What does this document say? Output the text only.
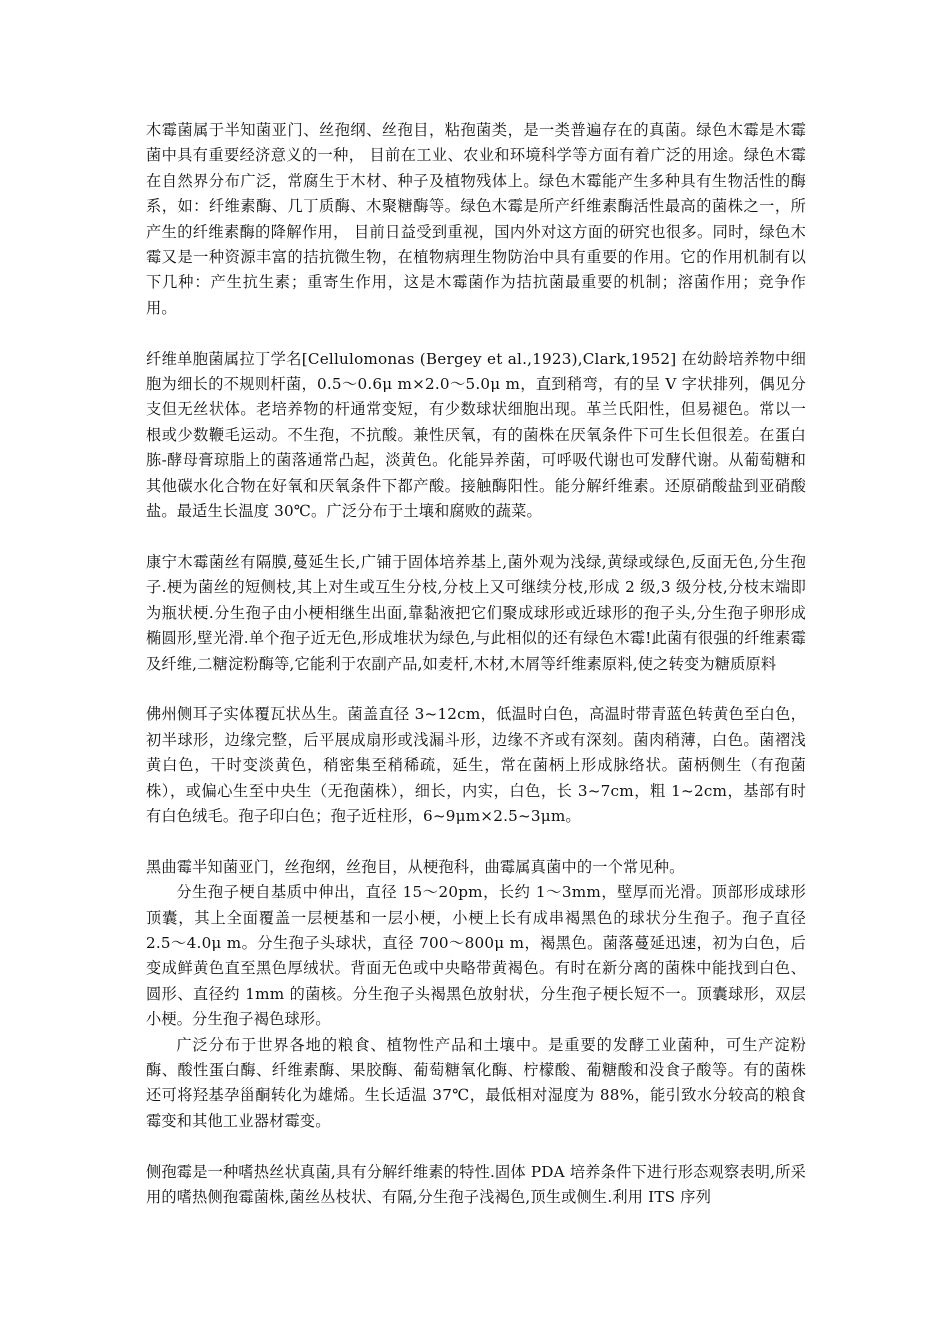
木霉菌属于半知菌亚门、丝孢纲、丝孢目，粘孢菌类，是一类普遍存在的真菌。绿色木霉是木霉菌中具有重要经济意义的一种， 目前在工业、农业和环境科学等方面有着广泛的用途。绿色木霉在自然界分布广泛，常腐生于木材、种子及植物残体上。绿色木霉能产生多种具有生物活性的酶系，如：纤维素酶、几丁质酶、木聚糖酶等。绿色木霉是所产纤维素酶活性最高的菌株之一，所产生的纤维素酶的降解作用， 目前日益受到重视，国内外对这方面的研究也很多。同时，绿色木霉又是一种资源丰富的拮抗微生物，在植物病理生物防治中具有重要的作用。它的作用机制有以下几种：产生抗生素；重寄生作用，这是木霉菌作为拮抗菌最重要的机制；溶菌作用；竞争作用。

纤维单胞菌属拉丁学名[Cellulomonas (Bergey et al.,1923),Clark,1952] 在幼龄培养物中细胞为细长的不规则杆菌，0.5～0.6μ m×2.0～5.0μ m，直到稍弯，有的呈 V 字状排列，偶见分支但无丝状体。老培养物的杆通常变短，有少数球状细胞出现。革兰氏阳性，但易褪色。常以一根或少数鞭毛运动。不生孢，不抗酸。兼性厌氧，有的菌株在厌氧条件下可生长但很差。在蛋白胨-酵母膏琼脂上的菌落通常凸起，淡黄色。化能异养菌，可呼吸代谢也可发酵代谢。从葡萄糖和其他碳水化合物在好氧和厌氧条件下都产酸。接触酶阳性。能分解纤维素。还原硝酸盐到亚硝酸盐。最适生长温度 30℃。广泛分布于土壤和腐败的蔬菜。

康宁木霉菌丝有隔膜,蔓延生长,广铺于固体培养基上,菌外观为浅绿,黄绿或绿色,反面无色,分生孢子.梗为菌丝的短侧枝,其上对生或互生分枝,分枝上又可继续分枝,形成 2 级,3 级分枝,分枝末端即为瓶状梗.分生孢子由小梗相继生出面,靠黏液把它们聚成球形或近球形的孢子头,分生孢子卵形成椭圆形,壁光滑.单个孢子近无色,形成堆状为绿色,与此相似的还有绿色木霉!此菌有很强的纤维素霉及纤维,二糖淀粉酶等,它能利于农副产品,如麦杆,木材,木屑等纤维素原料,使之转变为糖质原料

佛州侧耳子实体覆瓦状丛生。菌盖直径 3~12cm，低温时白色，高温时带青蓝色转黄色至白色，初半球形，边缘完整，后平展成扇形或浅漏斗形，边缘不齐或有深刻。菌肉稍薄，白色。菌褶浅黄白色，干时变淡黄色，稍密集至稍稀疏，延生，常在菌柄上形成脉络状。菌柄侧生（有孢菌株），或偏心生至中央生（无孢菌株），细长，内实，白色，长 3~7cm，粗 1~2cm，基部有时有白色绒毛。孢子印白色；孢子近柱形，6~9μm×2.5~3μm。

黑曲霉半知菌亚门，丝孢纲，丝孢目，从梗孢科，曲霉属真菌中的一个常见种。

分生孢子梗自基质中伸出，直径 15～20pm，长约 1～3mm，壁厚而光滑。顶部形成球形顶囊，其上全面覆盖一层梗基和一层小梗，小梗上长有成串褐黑色的球状分生孢子。孢子直径 2.5～4.0μ m。分生孢子头球状，直径 700～800μ m，褐黑色。菌落蔓延迅速，初为白色，后变成鲜黄色直至黑色厚绒状。背面无色或中央略带黄褐色。有时在新分离的菌株中能找到白色、圆形、直径约 1mm 的菌核。分生孢子头褐黑色放射状，分生孢子梗长短不一。顶囊球形，双层小梗。分生孢子褐色球形。

广泛分布于世界各地的粮食、植物性产品和土壤中。是重要的发酵工业菌种，可生产淀粉酶、酸性蛋白酶、纤维素酶、果胶酶、葡萄糖氧化酶、柠檬酸、葡糖酸和没食子酸等。有的菌株还可将羟基孕甾酮转化为雄烯。生长适温 37℃，最低相对湿度为 88%，能引致水分较高的粮食霉变和其他工业器材霉变。

侧孢霉是一种嗜热丝状真菌,具有分解纤维素的特性.固体 PDA 培养条件下进行形态观察表明,所采用的嗜热侧孢霉菌株,菌丝丛枝状、有隔,分生孢子浅褐色,顶生或侧生.利用 ITS 序列
